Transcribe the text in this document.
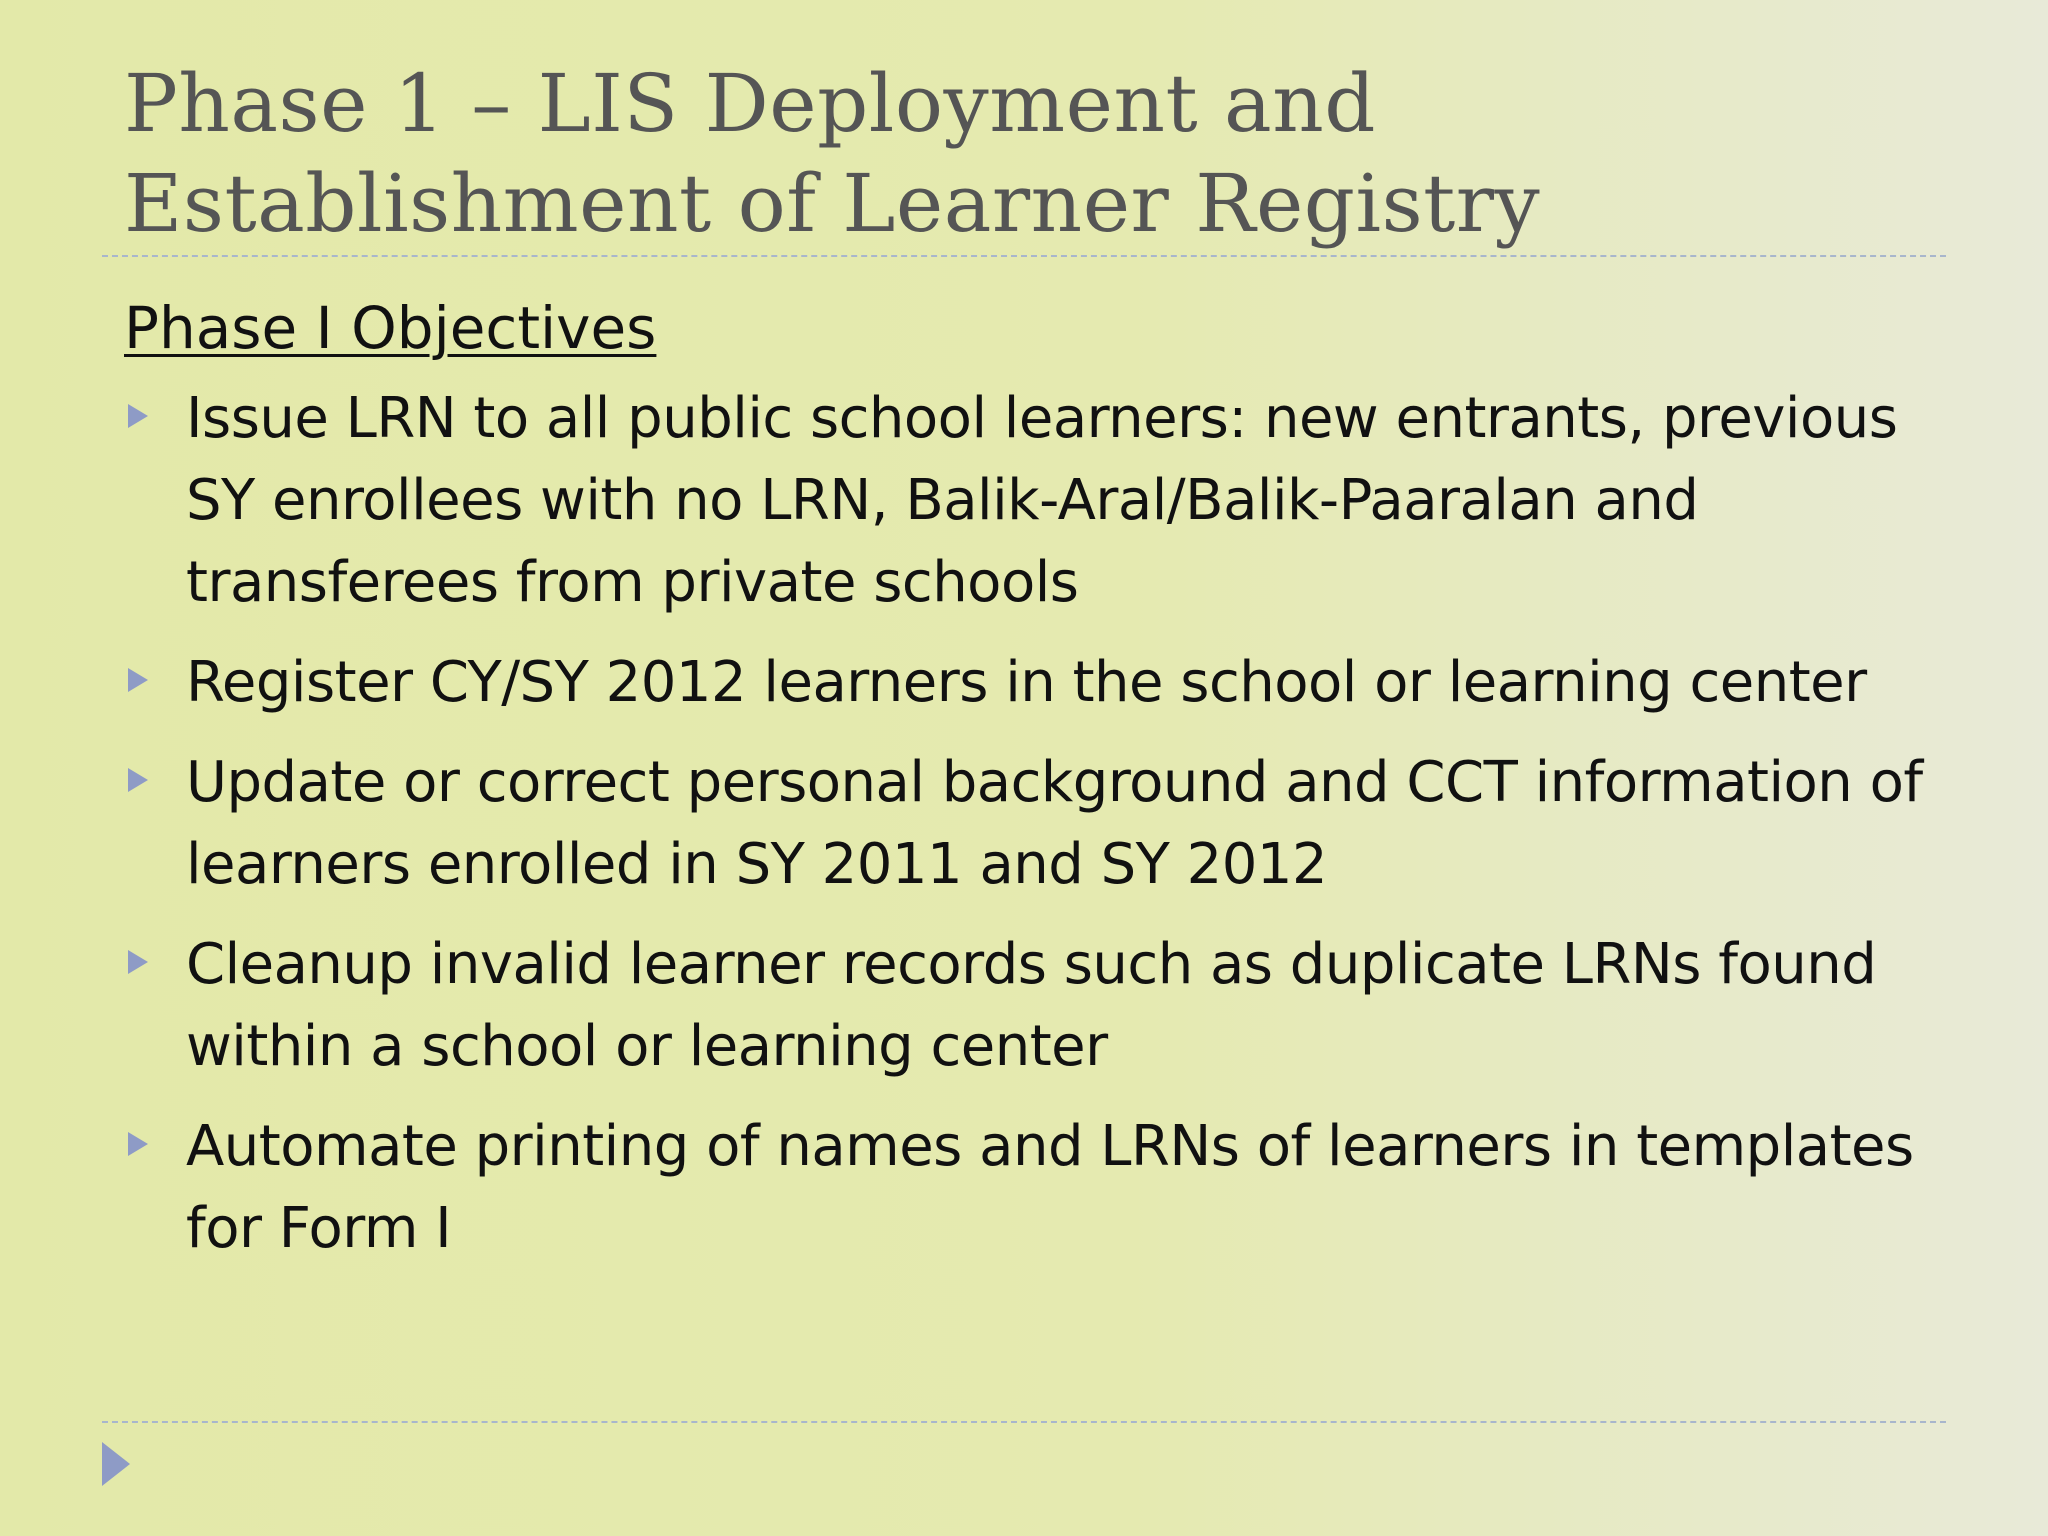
Phase 1 – LIS Deployment and
Establishment of Learner Registry

Phase I Objectives

Issue LRN to all public school learners: new entrants, previous SY enrollees with no LRN, Balik-Aral/Balik-Paaralan and transferees from private schools
Register CY/SY 2012 learners in the school or learning center
Update or correct personal background and CCT information of learners enrolled in SY 2011 and SY 2012
Cleanup invalid learner records such as duplicate LRNs found within a school or learning center
Automate printing of names and LRNs of learners in templates for Form I
